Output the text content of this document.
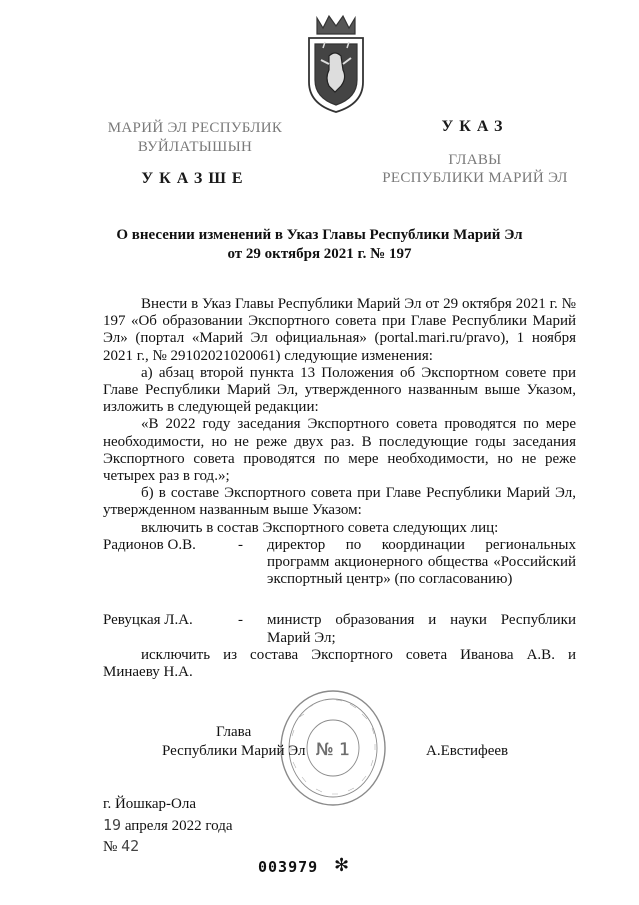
МАРИЙ ЭЛ РЕСПУБЛИК
ВУЙЛАТЫШЫН
УКАЗШЕ
УКАЗ
ГЛАВЫ
РЕСПУБЛИКИ МАРИЙ ЭЛ
О внесении изменений в Указ Главы Республики Марий Эл
от 29 октября 2021 г. № 197

Внести в Указ Главы Республики Марий Эл от 29 октября 2021 г. № 197 «Об образовании Экспортного совета при Главе Республики Марий Эл» (портал «Марий Эл официальная» (portal.mari.ru/pravo), 1 ноября 2021 г., № 29102021020061) следующие изменения:

а) абзац второй пункта 13 Положения об Экспортном совете при Главе Республики Марий Эл, утвержденного названным выше Указом, изложить в следующей редакции:

«В 2022 году заседания Экспортного совета проводятся по мере необходимости, но не реже двух раз. В последующие годы заседания Экспортного совета проводятся по мере необходимости, но не реже четырех раз в год.»;

б) в составе Экспортного совета при Главе Республики Марий Эл, утвержденном названным выше Указом:

включить в состав Экспортного совета следующих лиц:

Радионов О.В.	- директор по координации региональных программ акционерного общества «Российский экспортный центр» (по согласованию)
Ревуцкая Л.А.	- министр образования и науки Республики Марий Эл;
исключить из состава Экспортного совета Иванова А.В. и
Минаеву Н.А.
№ 1
Глава
Республики Марий Эл	А.Евстифеев
г. Йошкар-Ола
19 апреля 2022 года
№ 42
003979 ✻
